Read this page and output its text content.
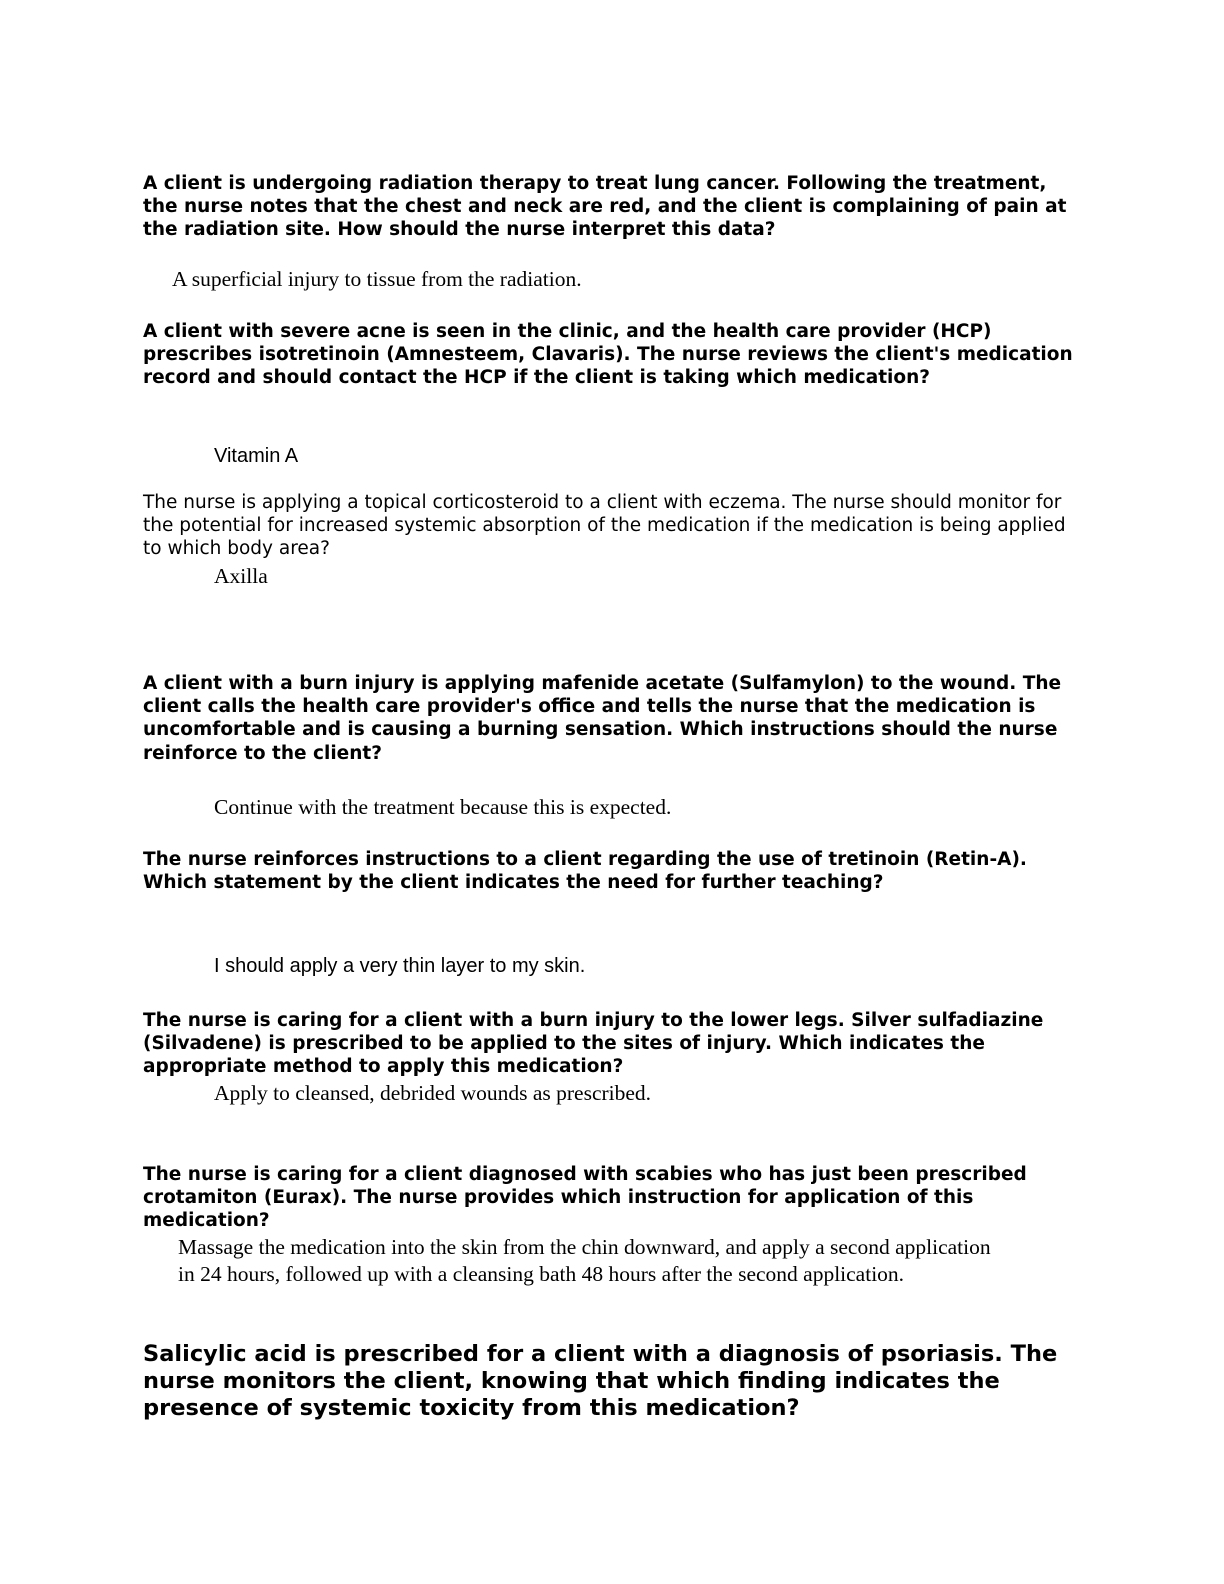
A client is undergoing radiation therapy to treat lung cancer. Following the treatment, the nurse notes that the chest and neck are red, and the client is complaining of pain at the radiation site. How should the nurse interpret this data?

A superficial injury to tissue from the radiation.

A client with severe acne is seen in the clinic, and the health care provider (HCP) prescribes isotretinoin (Amnesteem, Clavaris). The nurse reviews the client's medication record and should contact the HCP if the client is taking which medication?

Vitamin A

The nurse is applying a topical corticosteroid to a client with eczema. The nurse should monitor for the potential for increased systemic absorption of the medication if the medication is being applied to which body area?

Axilla

A client with a burn injury is applying mafenide acetate (Sulfamylon) to the wound. The client calls the health care provider's office and tells the nurse that the medication is uncomfortable and is causing a burning sensation. Which instructions should the nurse reinforce to the client?

Continue with the treatment because this is expected.

The nurse reinforces instructions to a client regarding the use of tretinoin (Retin-A). Which statement by the client indicates the need for further teaching?

I should apply a very thin layer to my skin.

The nurse is caring for a client with a burn injury to the lower legs. Silver sulfadiazine (Silvadene) is prescribed to be applied to the sites of injury. Which indicates the appropriate method to apply this medication?

Apply to cleansed, debrided wounds as prescribed.

The nurse is caring for a client diagnosed with scabies who has just been prescribed crotamiton (Eurax). The nurse provides which instruction for application of this medication?

Massage the medication into the skin from the chin downward, and apply a second application in 24 hours, followed up with a cleansing bath 48 hours after the second application.

Salicylic acid is prescribed for a client with a diagnosis of psoriasis. The nurse monitors the client, knowing that which finding indicates the presence of systemic toxicity from this medication?
